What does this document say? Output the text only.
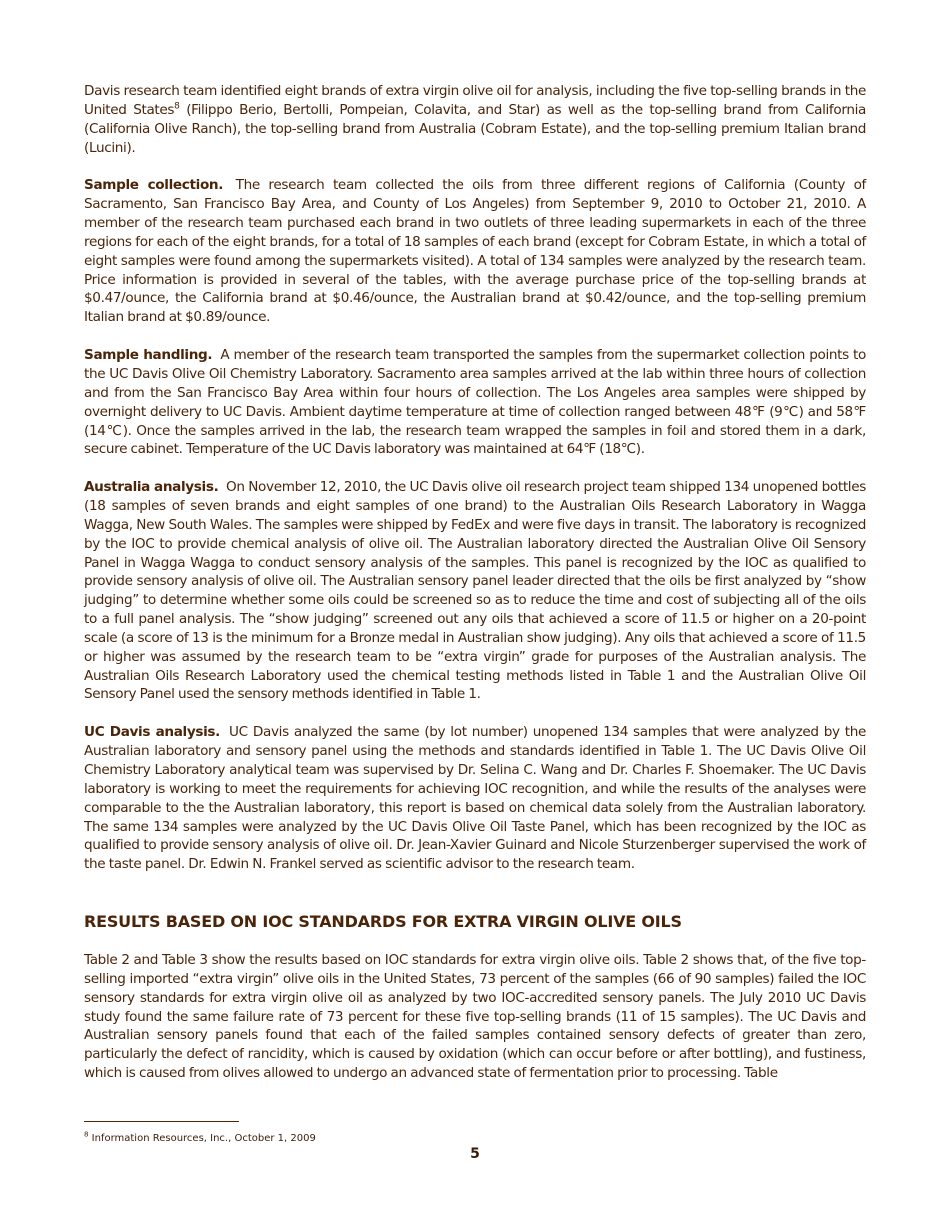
Davis research team identified eight brands of extra virgin olive oil for analysis, including the five top-selling brands in the United States$^8$ (Filippo Berio, Bertolli, Pompeian, Colavita, and Star) as well as the top-selling brand from California (California Olive Ranch), the top-selling brand from Australia (Cobram Estate), and the top-selling premium Italian brand (Lucini).

Sample collection. The research team collected the oils from three different regions of California (County of Sacramento, San Francisco Bay Area, and County of Los Angeles) from September 9, 2010 to October 21, 2010. A member of the research team purchased each brand in two outlets of three leading supermarkets in each of the three regions for each of the eight brands, for a total of 18 samples of each brand (except for Cobram Estate, in which a total of eight samples were found among the supermarkets visited). A total of 134 samples were analyzed by the research team. Price information is provided in several of the tables, with the average purchase price of the top-selling brands at $0.47/ounce, the California brand at $0.46/ounce, the Australian brand at $0.42/ounce, and the top-selling premium Italian brand at $0.89/ounce.

Sample handling. A member of the research team transported the samples from the supermarket collection points to the UC Davis Olive Oil Chemistry Laboratory. Sacramento area samples arrived at the lab within three hours of collection and from the San Francisco Bay Area within four hours of collection. The Los Angeles area samples were shipped by overnight delivery to UC Davis. Ambient daytime temperature at time of collection ranged between 48℉ (9℃) and 58℉ (14℃). Once the samples arrived in the lab, the research team wrapped the samples in foil and stored them in a dark, secure cabinet. Temperature of the UC Davis laboratory was maintained at 64℉ (18℃).

Australia analysis. On November 12, 2010, the UC Davis olive oil research project team shipped 134 unopened bottles (18 samples of seven brands and eight samples of one brand) to the Australian Oils Research Laboratory in Wagga Wagga, New South Wales. The samples were shipped by FedEx and were five days in transit. The laboratory is recognized by the IOC to provide chemical analysis of olive oil. The Australian laboratory directed the Australian Olive Oil Sensory Panel in Wagga Wagga to conduct sensory analysis of the samples. This panel is recognized by the IOC as qualified to provide sensory analysis of olive oil. The Australian sensory panel leader directed that the oils be first analyzed by “show judging” to determine whether some oils could be screened so as to reduce the time and cost of subjecting all of the oils to a full panel analysis. The “show judging” screened out any oils that achieved a score of 11.5 or higher on a 20-point scale (a score of 13 is the minimum for a Bronze medal in Australian show judging). Any oils that achieved a score of 11.5 or higher was assumed by the research team to be “extra virgin” grade for purposes of the Australian analysis. The Australian Oils Research Laboratory used the chemical testing methods listed in Table 1 and the Australian Olive Oil Sensory Panel used the sensory methods identified in Table 1.

UC Davis analysis. UC Davis analyzed the same (by lot number) unopened 134 samples that were analyzed by the Australian laboratory and sensory panel using the methods and standards identified in Table 1. The UC Davis Olive Oil Chemistry Laboratory analytical team was supervised by Dr. Selina C. Wang and Dr. Charles F. Shoemaker. The UC Davis laboratory is working to meet the requirements for achieving IOC recognition, and while the results of the analyses were comparable to the the Australian laboratory, this report is based on chemical data solely from the Australian laboratory. The same 134 samples were analyzed by the UC Davis Olive Oil Taste Panel, which has been recognized by the IOC as qualified to provide sensory analysis of olive oil. Dr. Jean-Xavier Guinard and Nicole Sturzenberger supervised the work of the taste panel. Dr. Edwin N. Frankel served as scientific advisor to the research team.

RESULTS BASED ON IOC STANDARDS FOR EXTRA VIRGIN OLIVE OILS

Table 2 and Table 3 show the results based on IOC standards for extra virgin olive oils. Table 2 shows that, of the five top-selling imported “extra virgin” olive oils in the United States, 73 percent of the samples (66 of 90 samples) failed the IOC sensory standards for extra virgin olive oil as analyzed by two IOC-accredited sensory panels. The July 2010 UC Davis study found the same failure rate of 73 percent for these five top-selling brands (11 of 15 samples). The UC Davis and Australian sensory panels found that each of the failed samples contained sensory defects of greater than zero, particularly the defect of rancidity, which is caused by oxidation (which can occur before or after bottling), and fustiness, which is caused from olives allowed to undergo an advanced state of fermentation prior to processing. Table

$^8$ Information Resources, Inc., October 1, 2009
5
